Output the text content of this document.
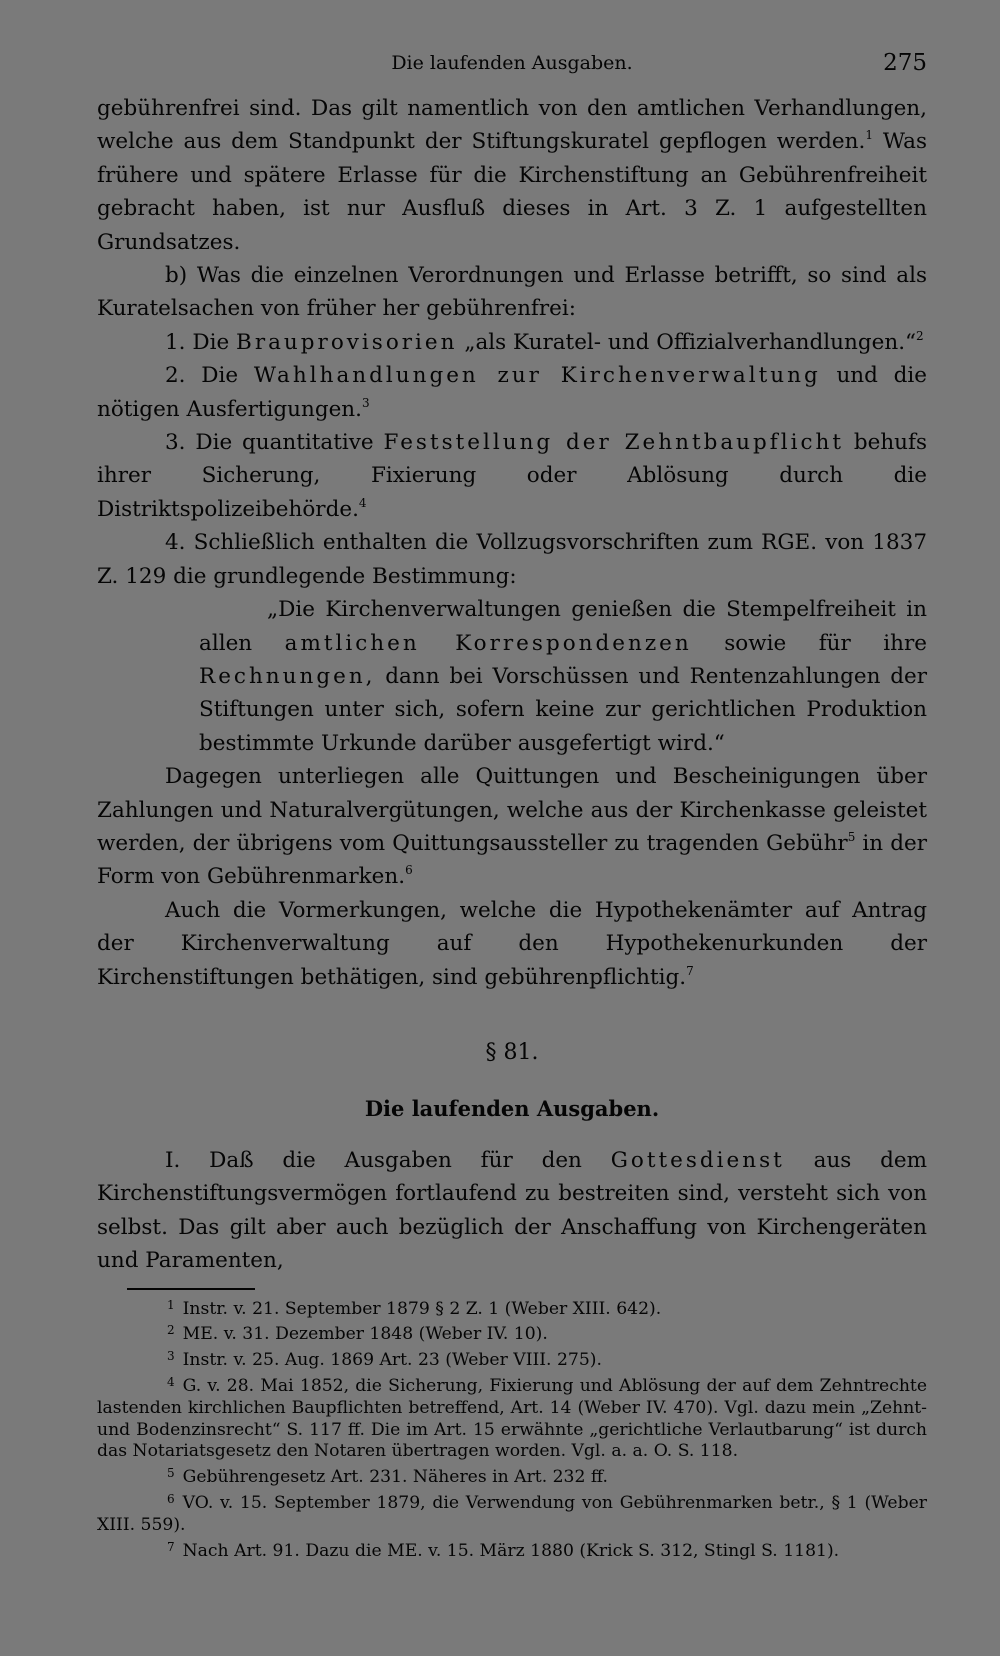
Die laufenden Ausgaben.	275

gebührenfrei sind. Das gilt namentlich von den amtlichen Verhandlungen, welche aus dem Standpunkt der Stiftungskuratel gepflogen werden.$^1$ Was frühere und spätere Erlasse für die Kirchenstiftung an Gebührenfreiheit gebracht haben, ist nur Ausfluß dieses in Art. 3 Z. 1 aufgestellten Grundsatzes.

b) Was die einzelnen Verordnungen und Erlasse betrifft, so sind als Kuratelsachen von früher her gebührenfrei:

1. Die Brauprovisorien „als Kuratel- und Offizialverhandlungen.“$^2$

2. Die Wahlhandlungen zur Kirchenverwaltung und die nötigen Ausfertigungen.$^3$

3. Die quantitative Feststellung der Zehntbaupflicht behufs ihrer Sicherung, Fixierung oder Ablösung durch die Distriktspolizeibehörde.$^4$

4. Schließlich enthalten die Vollzugsvorschriften zum RGE. von 1837 Z. 129 die grundlegende Bestimmung:

„Die Kirchenverwaltungen genießen die Stempelfreiheit in allen amtlichen Korrespondenzen sowie für ihre Rechnungen, dann bei Vorschüssen und Rentenzahlungen der Stiftungen unter sich, sofern keine zur gerichtlichen Produktion bestimmte Urkunde darüber ausgefertigt wird.“

Dagegen unterliegen alle Quittungen und Bescheinigungen über Zahlungen und Naturalvergütungen, welche aus der Kirchenkasse geleistet werden, der übrigens vom Quittungsaussteller zu tragenden Gebühr$^5$ in der Form von Gebührenmarken.$^6$

Auch die Vormerkungen, welche die Hypothekenämter auf Antrag der Kirchenverwaltung auf den Hypothekenurkunden der Kirchenstiftungen bethätigen, sind gebührenpflichtig.$^7$

§ 81.
Die laufenden Ausgaben.

I. Daß die Ausgaben für den Gottesdienst aus dem Kirchenstiftungsvermögen fortlaufend zu bestreiten sind, versteht sich von selbst. Das gilt aber auch bezüglich der Anschaffung von Kirchengeräten und Paramenten,

$^1$ Instr. v. 21. September 1879 § 2 Z. 1 (Weber XIII. 642).

$^2$ ME. v. 31. Dezember 1848 (Weber IV. 10).

$^3$ Instr. v. 25. Aug. 1869 Art. 23 (Weber VIII. 275).

$^4$ G. v. 28. Mai 1852, die Sicherung, Fixierung und Ablösung der auf dem Zehntrechte lastenden kirchlichen Baupflichten betreffend, Art. 14 (Weber IV. 470). Vgl. dazu mein „Zehnt- und Bodenzinsrecht“ S. 117 ff. Die im Art. 15 erwähnte „gerichtliche Verlautbarung“ ist durch das Notariatsgesetz den Notaren übertragen worden. Vgl. a. a. O. S. 118.

$^5$ Gebührengesetz Art. 231. Näheres in Art. 232 ff.

$^6$ VO. v. 15. September 1879, die Verwendung von Gebührenmarken betr., § 1 (Weber XIII. 559).

$^7$ Nach Art. 91. Dazu die ME. v. 15. März 1880 (Krick S. 312, Stingl S. 1181).
